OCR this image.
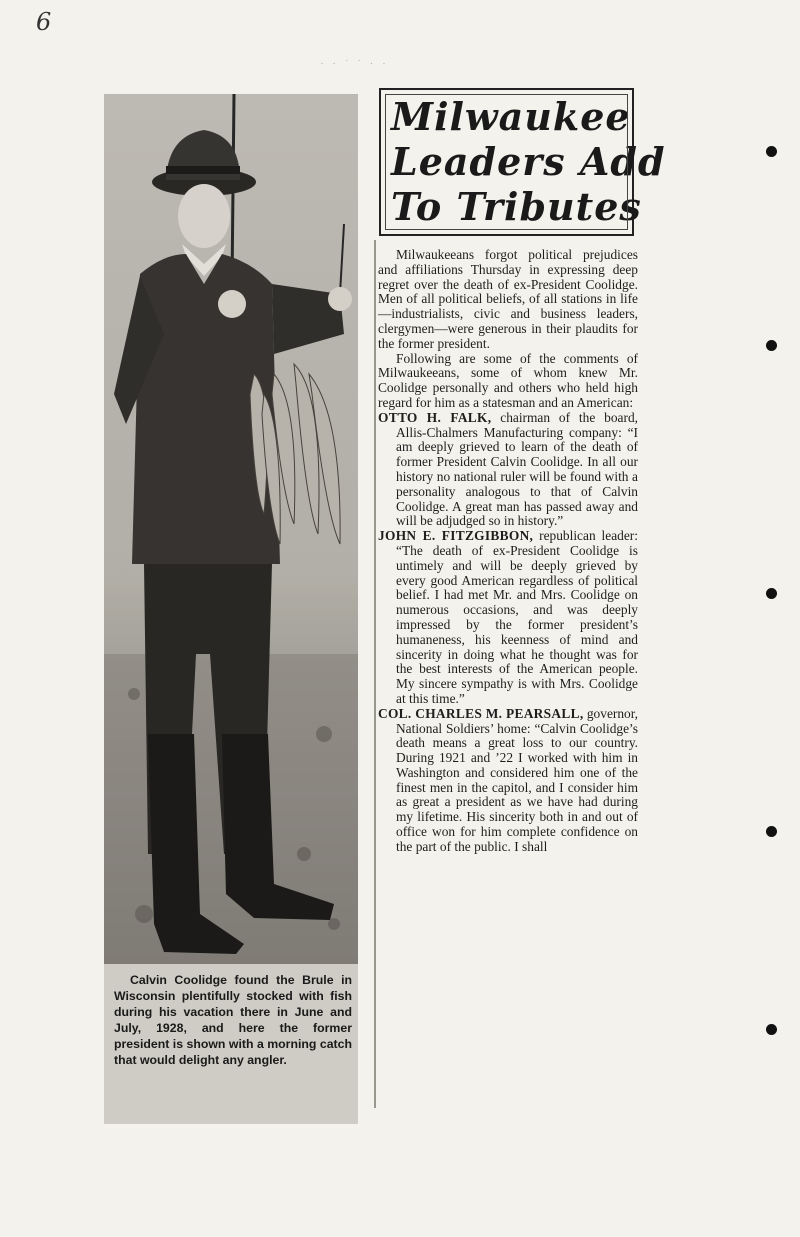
6
· · ˙ ˙ · ·
Calvin Coolidge found the Brule in Wisconsin plentifully stocked with fish during his vacation there in June and July, 1928, and here the former president is shown with a morning catch that would delight any angler.
Milwaukee
Leaders Add
To Tributes

Milwaukeeans forgot political prejudices and affiliations Thursday in expressing deep regret over the death of ex-President Coolidge. Men of all political beliefs, of all stations in life—industrialists, civic and business leaders, clergymen—were generous in their plaudits for the former president.

Following are some of the comments of Milwaukeeans, some of whom knew Mr. Coolidge personally and others who held high regard for him as a statesman and an American:

OTTO H. FALK, chairman of the board, Allis-Chalmers Manufacturing company: “I am deeply grieved to learn of the death of former President Calvin Coolidge. In all our history no national ruler will be found with a personality analogous to that of Calvin Coolidge. A great man has passed away and will be adjudged so in history.”

JOHN E. FITZGIBBON, republican leader: “The death of ex-President Coolidge is untimely and will be deeply grieved by every good American regardless of political belief. I had met Mr. and Mrs. Coolidge on numerous occasions, and was deeply impressed by the former president’s humaneness, his keenness of mind and sincerity in doing what he thought was for the best interests of the American people. My sincere sympathy is with Mrs. Coolidge at this time.”

COL. CHARLES M. PEARSALL, governor, National Soldiers’ home: “Calvin Coolidge’s death means a great loss to our country. During 1921 and ’22 I worked with him in Washington and considered him one of the finest men in the capitol, and I consider him as great a president as we have had during my lifetime. His sincerity both in and out of office won for him complete confidence on the part of the public. I shall
